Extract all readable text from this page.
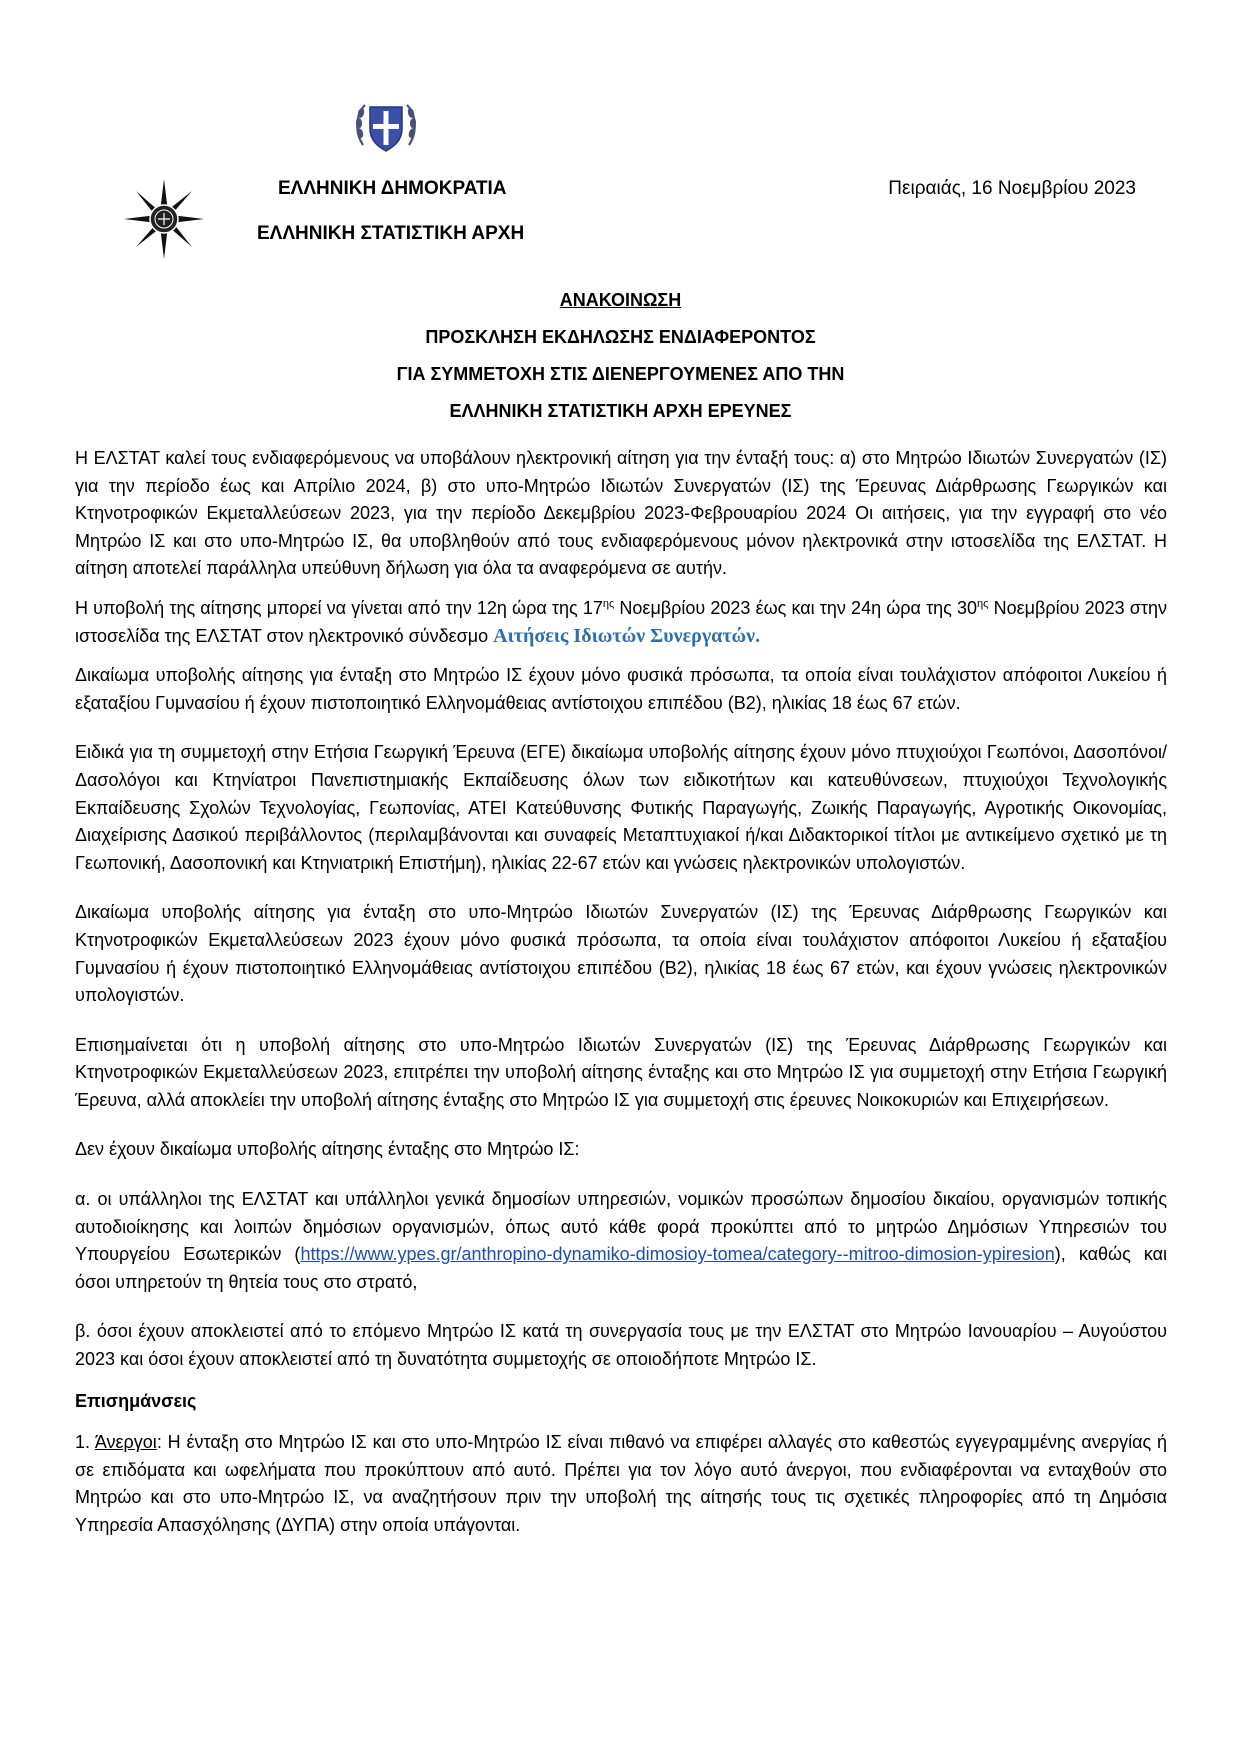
ΕΛΛΗΝΙΚΗ ΔΗΜΟΚΡΑΤΙΑ
ΕΛΛΗΝΙΚΗ ΣΤΑΤΙΣΤΙΚΗ ΑΡΧΗ
Πειραιάς, 16 Νοεμβρίου 2023
ΑΝΑΚΟΙΝΩΣΗ
ΠΡΟΣΚΛΗΣΗ ΕΚΔΗΛΩΣΗΣ ΕΝΔΙΑΦΕΡΟΝΤΟΣ
ΓΙΑ ΣΥΜΜΕΤΟΧΗ ΣΤΙΣ ΔΙΕΝΕΡΓΟΥΜΕΝΕΣ ΑΠΟ ΤΗΝ
ΕΛΛΗΝΙΚΗ ΣΤΑΤΙΣΤΙΚΗ ΑΡΧΗ ΕΡΕΥΝΕΣ

Η ΕΛΣΤΑΤ καλεί τους ενδιαφερόμενους να υποβάλουν ηλεκτρονική αίτηση για την ένταξή τους: α) στο Μητρώο Ιδιωτών Συνεργατών (ΙΣ) για την περίοδο έως και Απρίλιο 2024, β) στο υπο-Μητρώο Ιδιωτών Συνεργατών (ΙΣ) της Έρευνας Διάρθρωσης Γεωργικών και Κτηνοτροφικών Εκμεταλλεύσεων 2023, για την περίοδο Δεκεμβρίου 2023-Φεβρουαρίου 2024 Οι αιτήσεις, για την εγγραφή στο νέο Μητρώο ΙΣ και στο υπο-Μητρώο ΙΣ, θα υποβληθούν από τους ενδιαφερόμενους μόνον ηλεκτρονικά στην ιστοσελίδα της ΕΛΣΤΑΤ. Η αίτηση αποτελεί παράλληλα υπεύθυνη δήλωση για όλα τα αναφερόμενα σε αυτήν.

Η υποβολή της αίτησης μπορεί να γίνεται από την 12η ώρα της $17^{\eta\varsigma}$ Νοεμβρίου 2023 έως και την 24η ώρα της $30^{\eta\varsigma}$ Νοεμβρίου 2023 στην ιστοσελίδα της ΕΛΣΤΑΤ στον ηλεκτρονικό σύνδεσμο Αιτήσεις Ιδιωτών Συνεργατών.

Δικαίωμα υποβολής αίτησης για ένταξη στο Μητρώο ΙΣ έχουν μόνο φυσικά πρόσωπα, τα οποία είναι τουλάχιστον απόφοιτοι Λυκείου ή εξαταξίου Γυμνασίου ή έχουν πιστοποιητικό Ελληνομάθειας αντίστοιχου επιπέδου (Β2), ηλικίας 18 έως 67 ετών.

Ειδικά για τη συμμετοχή στην Ετήσια Γεωργική Έρευνα (ΕΓΕ) δικαίωμα υποβολής αίτησης έχουν μόνο πτυχιούχοι Γεωπόνοι, Δασοπόνοι/Δασολόγοι και Κτηνίατροι Πανεπιστημιακής Εκπαίδευσης όλων των ειδικοτήτων και κατευθύνσεων, πτυχιούχοι Τεχνολογικής Εκπαίδευσης Σχολών Τεχνολογίας, Γεωπονίας, ΑΤΕΙ Κατεύθυνσης Φυτικής Παραγωγής, Ζωικής Παραγωγής, Αγροτικής Οικονομίας, Διαχείρισης Δασικού περιβάλλοντος (περιλαμβάνονται και συναφείς Μεταπτυχιακοί ή/και Διδακτορικοί τίτλοι με αντικείμενο σχετικό με τη Γεωπονική, Δασοπονική και Κτηνιατρική Επιστήμη), ηλικίας 22-67 ετών και γνώσεις ηλεκτρονικών υπολογιστών.

Δικαίωμα υποβολής αίτησης για ένταξη στο υπο-Μητρώο Ιδιωτών Συνεργατών (ΙΣ) της Έρευνας Διάρθρωσης Γεωργικών και Κτηνοτροφικών Εκμεταλλεύσεων 2023 έχουν μόνο φυσικά πρόσωπα, τα οποία είναι τουλάχιστον απόφοιτοι Λυκείου ή εξαταξίου Γυμνασίου ή έχουν πιστοποιητικό Ελληνομάθειας αντίστοιχου επιπέδου (Β2), ηλικίας 18 έως 67 ετών, και έχουν γνώσεις ηλεκτρονικών υπολογιστών.

Επισημαίνεται ότι η υποβολή αίτησης στο υπο-Μητρώο Ιδιωτών Συνεργατών (ΙΣ) της Έρευνας Διάρθρωσης Γεωργικών και Κτηνοτροφικών Εκμεταλλεύσεων 2023, επιτρέπει την υποβολή αίτησης ένταξης και στο Μητρώο ΙΣ για συμμετοχή στην Ετήσια Γεωργική Έρευνα, αλλά αποκλείει την υποβολή αίτησης ένταξης στο Μητρώο ΙΣ για συμμετοχή στις έρευνες Νοικοκυριών και Επιχειρήσεων.

Δεν έχουν δικαίωμα υποβολής αίτησης ένταξης στο Μητρώο ΙΣ:

α. οι υπάλληλοι της ΕΛΣΤΑΤ και υπάλληλοι γενικά δημοσίων υπηρεσιών, νομικών προσώπων δημοσίου δικαίου, οργανισμών τοπικής αυτοδιοίκησης και λοιπών δημόσιων οργανισμών, όπως αυτό κάθε φορά προκύπτει από το μητρώο Δημόσιων Υπηρεσιών του Υπουργείου Εσωτερικών (https://www.ypes.gr/anthropino-dynamiko-dimosioy-tomea/category--mitroo-dimosion-ypiresion), καθώς και όσοι υπηρετούν τη θητεία τους στο στρατό,

β. όσοι έχουν αποκλειστεί από το επόμενο Μητρώο ΙΣ κατά τη συνεργασία τους με την ΕΛΣΤΑΤ στο Μητρώο Ιανουαρίου – Αυγούστου 2023 και όσοι έχουν αποκλειστεί από τη δυνατότητα συμμετοχής σε οποιοδήποτε Μητρώο ΙΣ.

Επισημάνσεις

1. Άνεργοι: Η ένταξη στο Μητρώο ΙΣ και στο υπο-Μητρώο ΙΣ είναι πιθανό να επιφέρει αλλαγές στο καθεστώς εγγεγραμμένης ανεργίας ή σε επιδόματα και ωφελήματα που προκύπτουν από αυτό. Πρέπει για τον λόγο αυτό άνεργοι, που ενδιαφέρονται να ενταχθούν στο Μητρώο και στο υπο-Μητρώο ΙΣ, να αναζητήσουν πριν την υποβολή της αίτησής τους τις σχετικές πληροφορίες από τη Δημόσια Υπηρεσία Απασχόλησης (ΔΥΠΑ) στην οποία υπάγονται.
